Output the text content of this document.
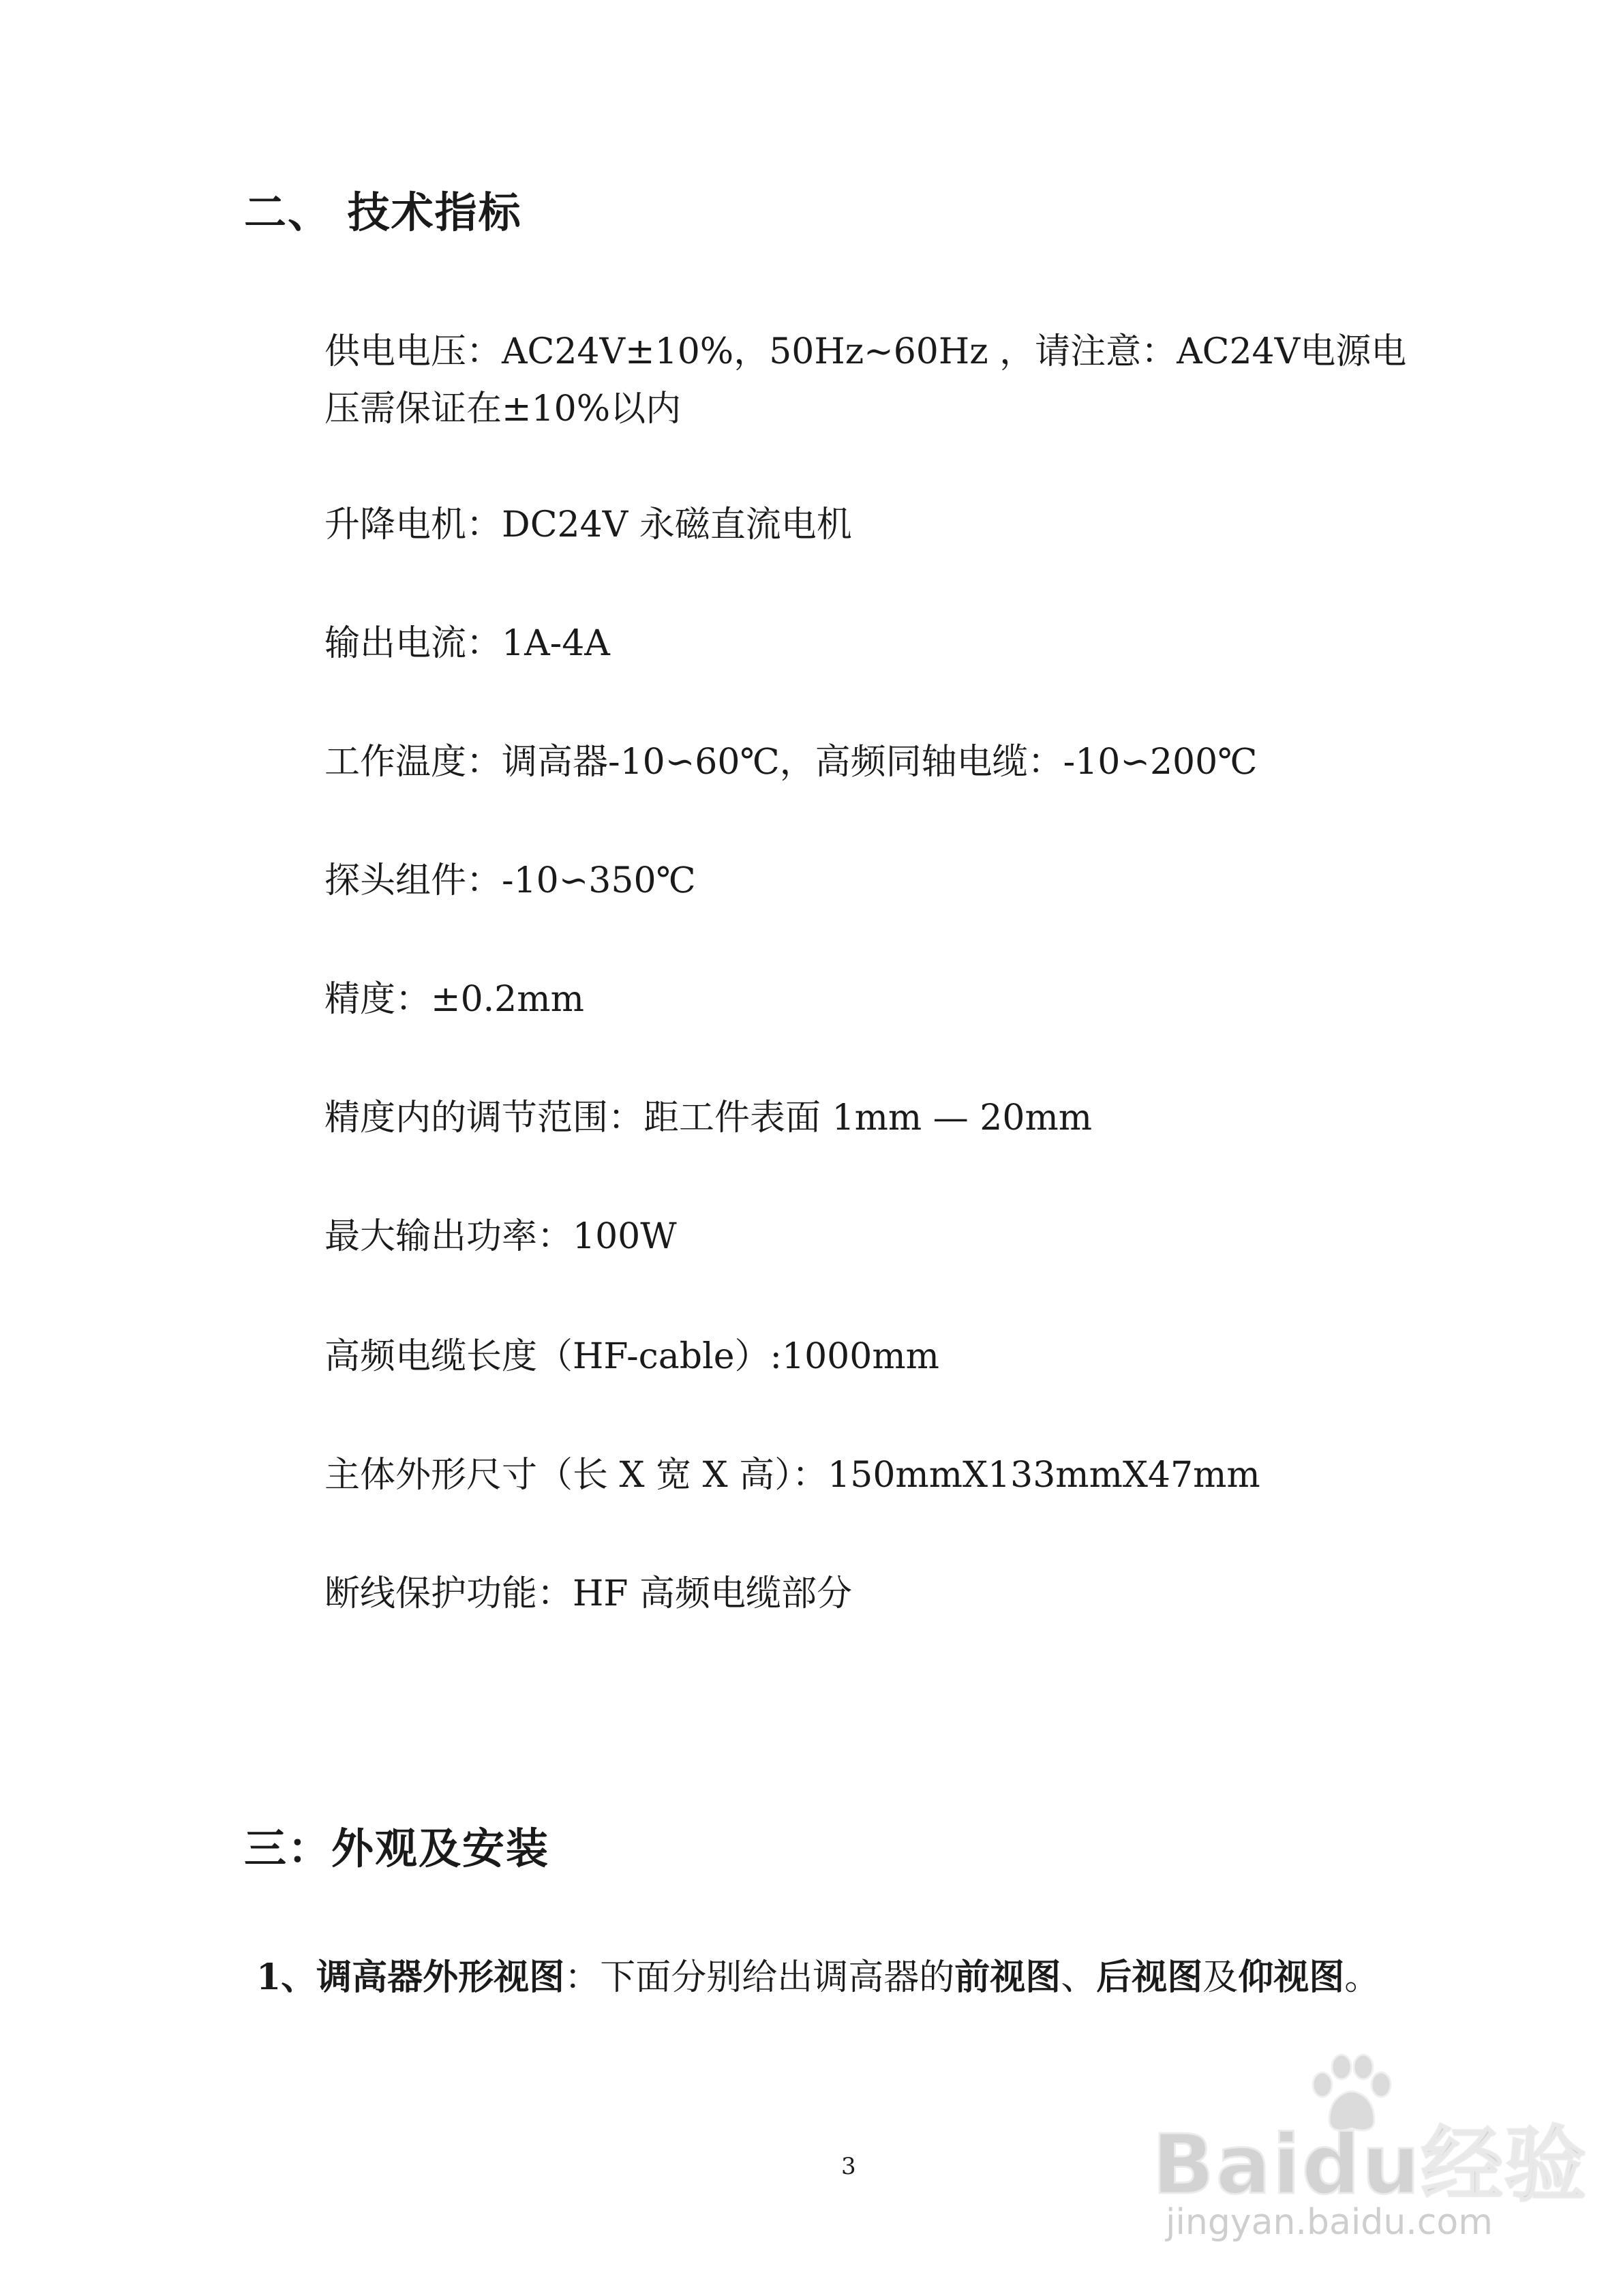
二、 技术指标
供电电压：AC24V±10%，50Hz~60Hz ，请注意：AC24V电源电
压需保证在±10%以内
升降电机：DC24V 永磁直流电机
输出电流：1A-4A
工作温度：调高器-10∽60℃，高频同轴电缆：-10∽200℃
探头组件：-10∽350℃
精度：±0.2mm
精度内的调节范围：距工件表面 1mm — 20mm
最大输出功率：100W
高频电缆长度（HF-cable）:1000mm
主体外形尺寸（长 X 宽 X 高）：150mmX133mmX47mm
断线保护功能：HF 高频电缆部分
三：外观及安装
1、调高器外形视图：下面分别给出调高器的前视图、后视图及仰视图。
3	Baidu经验
jingyan.baidu.com
